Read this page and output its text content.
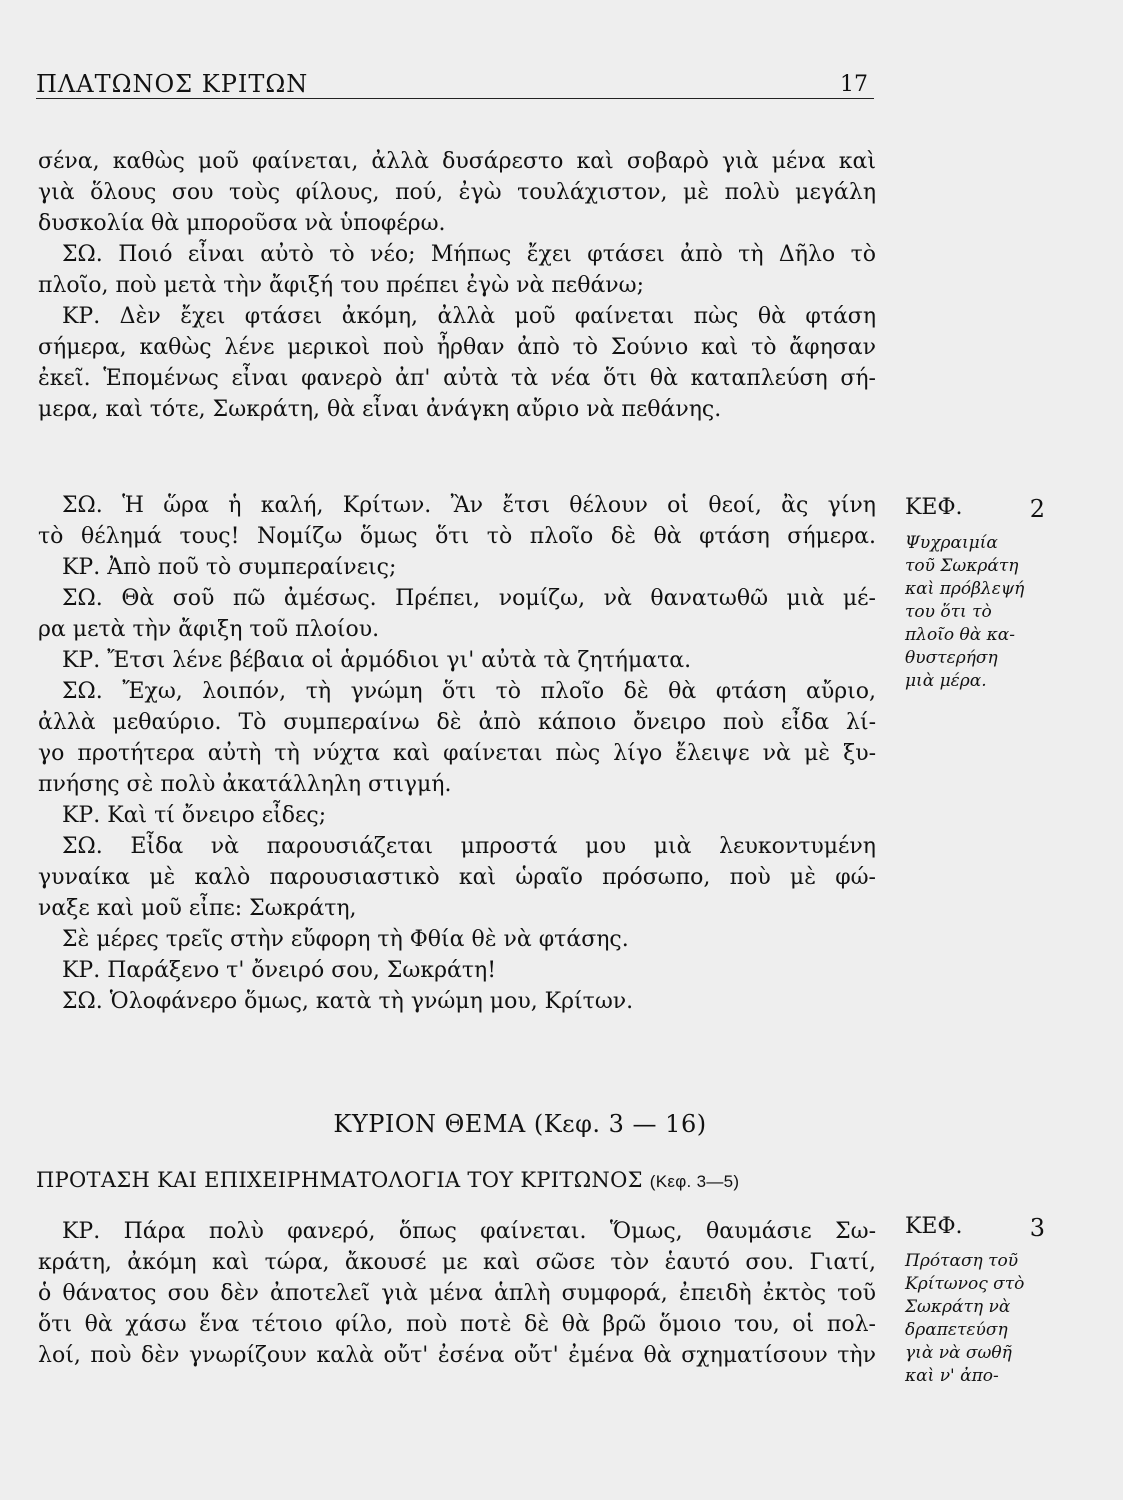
ΠΛΑΤΩΝΟΣ ΚΡΙΤΩΝ	17
σένα, καθὼς μοῦ φαίνεται, ἀλλὰ δυσάρεστο καὶ σοβαρὸ γιὰ μένα καὶ
γιὰ ὅλους σου τοὺς φίλους, πού, ἐγὼ τουλάχιστον, μὲ πολὺ μεγάλη
δυσκολία θὰ μποροῦσα νὰ ὑποφέρω.
ΣΩ. Ποιό εἶναι αὐτὸ τὸ νέο; Μήπως ἔχει φτάσει ἀπὸ τὴ Δῆλο τὸ
πλοῖο, ποὺ μετὰ τὴν ἄφιξή του πρέπει ἐγὼ νὰ πεθάνω;
ΚΡ. Δὲν ἔχει φτάσει ἀκόμη, ἀλλὰ μοῦ φαίνεται πὼς θὰ φτάση
σήμερα, καθὼς λένε μερικοὶ ποὺ ἦρθαν ἀπὸ τὸ Σούνιο καὶ τὸ ἄφησαν
ἐκεῖ. Ἑπομένως εἶναι φανερὸ ἀπ' αὐτὰ τὰ νέα ὅτι θὰ καταπλεύση σή-
μερα, καὶ τότε, Σωκράτη, θὰ εἶναι ἀνάγκη αὔριο νὰ πεθάνης.
ΣΩ. Ἡ ὥρα ἡ καλή, Κρίτων. Ἂν ἔτσι θέλουν οἱ θεοί, ἂς γίνη
τὸ θέλημά τους! Νομίζω ὅμως ὅτι τὸ πλοῖο δὲ θὰ φτάση σήμερα.
ΚΡ. Ἀπὸ ποῦ τὸ συμπεραίνεις;
ΣΩ. Θὰ σοῦ πῶ ἀμέσως. Πρέπει, νομίζω, νὰ θανατωθῶ μιὰ μέ-
ρα μετὰ τὴν ἄφιξη τοῦ πλοίου.
ΚΡ. Ἔτσι λένε βέβαια οἱ ἁρμόδιοι γι' αὐτὰ τὰ ζητήματα.
ΣΩ. Ἔχω, λοιπόν, τὴ γνώμη ὅτι τὸ πλοῖο δὲ θὰ φτάση αὔριο,
ἀλλὰ μεθαύριο. Τὸ συμπεραίνω δὲ ἀπὸ κάποιο ὄνειρο ποὺ εἶδα λί-
γο προτήτερα αὐτὴ τὴ νύχτα καὶ φαίνεται πὼς λίγο ἔλειψε νὰ μὲ ξυ-
πνήσης σὲ πολὺ ἀκατάλληλη στιγμή.
ΚΡ. Καὶ τί ὄνειρο εἶδες;
ΣΩ. Εἶδα νὰ παρουσιάζεται μπροστά μου μιὰ λευκοντυμένη
γυναίκα μὲ καλὸ παρουσιαστικὸ καὶ ὡραῖο πρόσωπο, ποὺ μὲ φώ-
ναξε καὶ μοῦ εἶπε: Σωκράτη,
Σὲ μέρες τρεῖς στὴν εὔφορη τὴ Φθία θὲ νὰ φτάσης.
ΚΡ. Παράξενο τ' ὄνειρό σου, Σωκράτη!
ΣΩ. Ὁλοφάνερο ὅμως, κατὰ τὴ γνώμη μου, Κρίτων.
ΚΥΡΙΟΝ ΘΕΜΑ (Κεφ. 3 — 16)
ΠΡΟΤΑΣΗ ΚΑΙ ΕΠΙΧΕΙΡΗΜΑΤΟΛΟΓΙΑ ΤΟΥ ΚΡΙΤΩΝΟΣ (Κεφ. 3—5)
ΚΡ. Πάρα πολὺ φανερό, ὅπως φαίνεται. Ὅμως, θαυμάσιε Σω-
κράτη, ἀκόμη καὶ τώρα, ἄκουσέ με καὶ σῶσε τὸν ἑαυτό σου. Γιατί,
ὁ θάνατος σου δὲν ἀποτελεῖ γιὰ μένα ἁπλὴ συμφορά, ἐπειδὴ ἐκτὸς τοῦ
ὅτι θὰ χάσω ἕνα τέτοιο φίλο, ποὺ ποτὲ δὲ θὰ βρῶ ὅμοιο του, οἱ πολ-
λοί, ποὺ δὲν γνωρίζουν καλὰ οὔτ' ἐσένα οὔτ' ἐμένα θὰ σχηματίσουν τὴν
ΚΕΦ.	2
Ψυχραιμία
τοῦ Σωκράτη
καὶ πρόβλεψή
του ὅτι τὸ
πλοῖο θὰ κα-
θυστερήση
μιὰ μέρα.
ΚΕΦ.	3
Πρόταση τοῦ
Κρίτωνος στὸ
Σωκράτη νὰ
δραπετεύση
γιὰ νὰ σωθῆ
καὶ ν' ἀπο-
